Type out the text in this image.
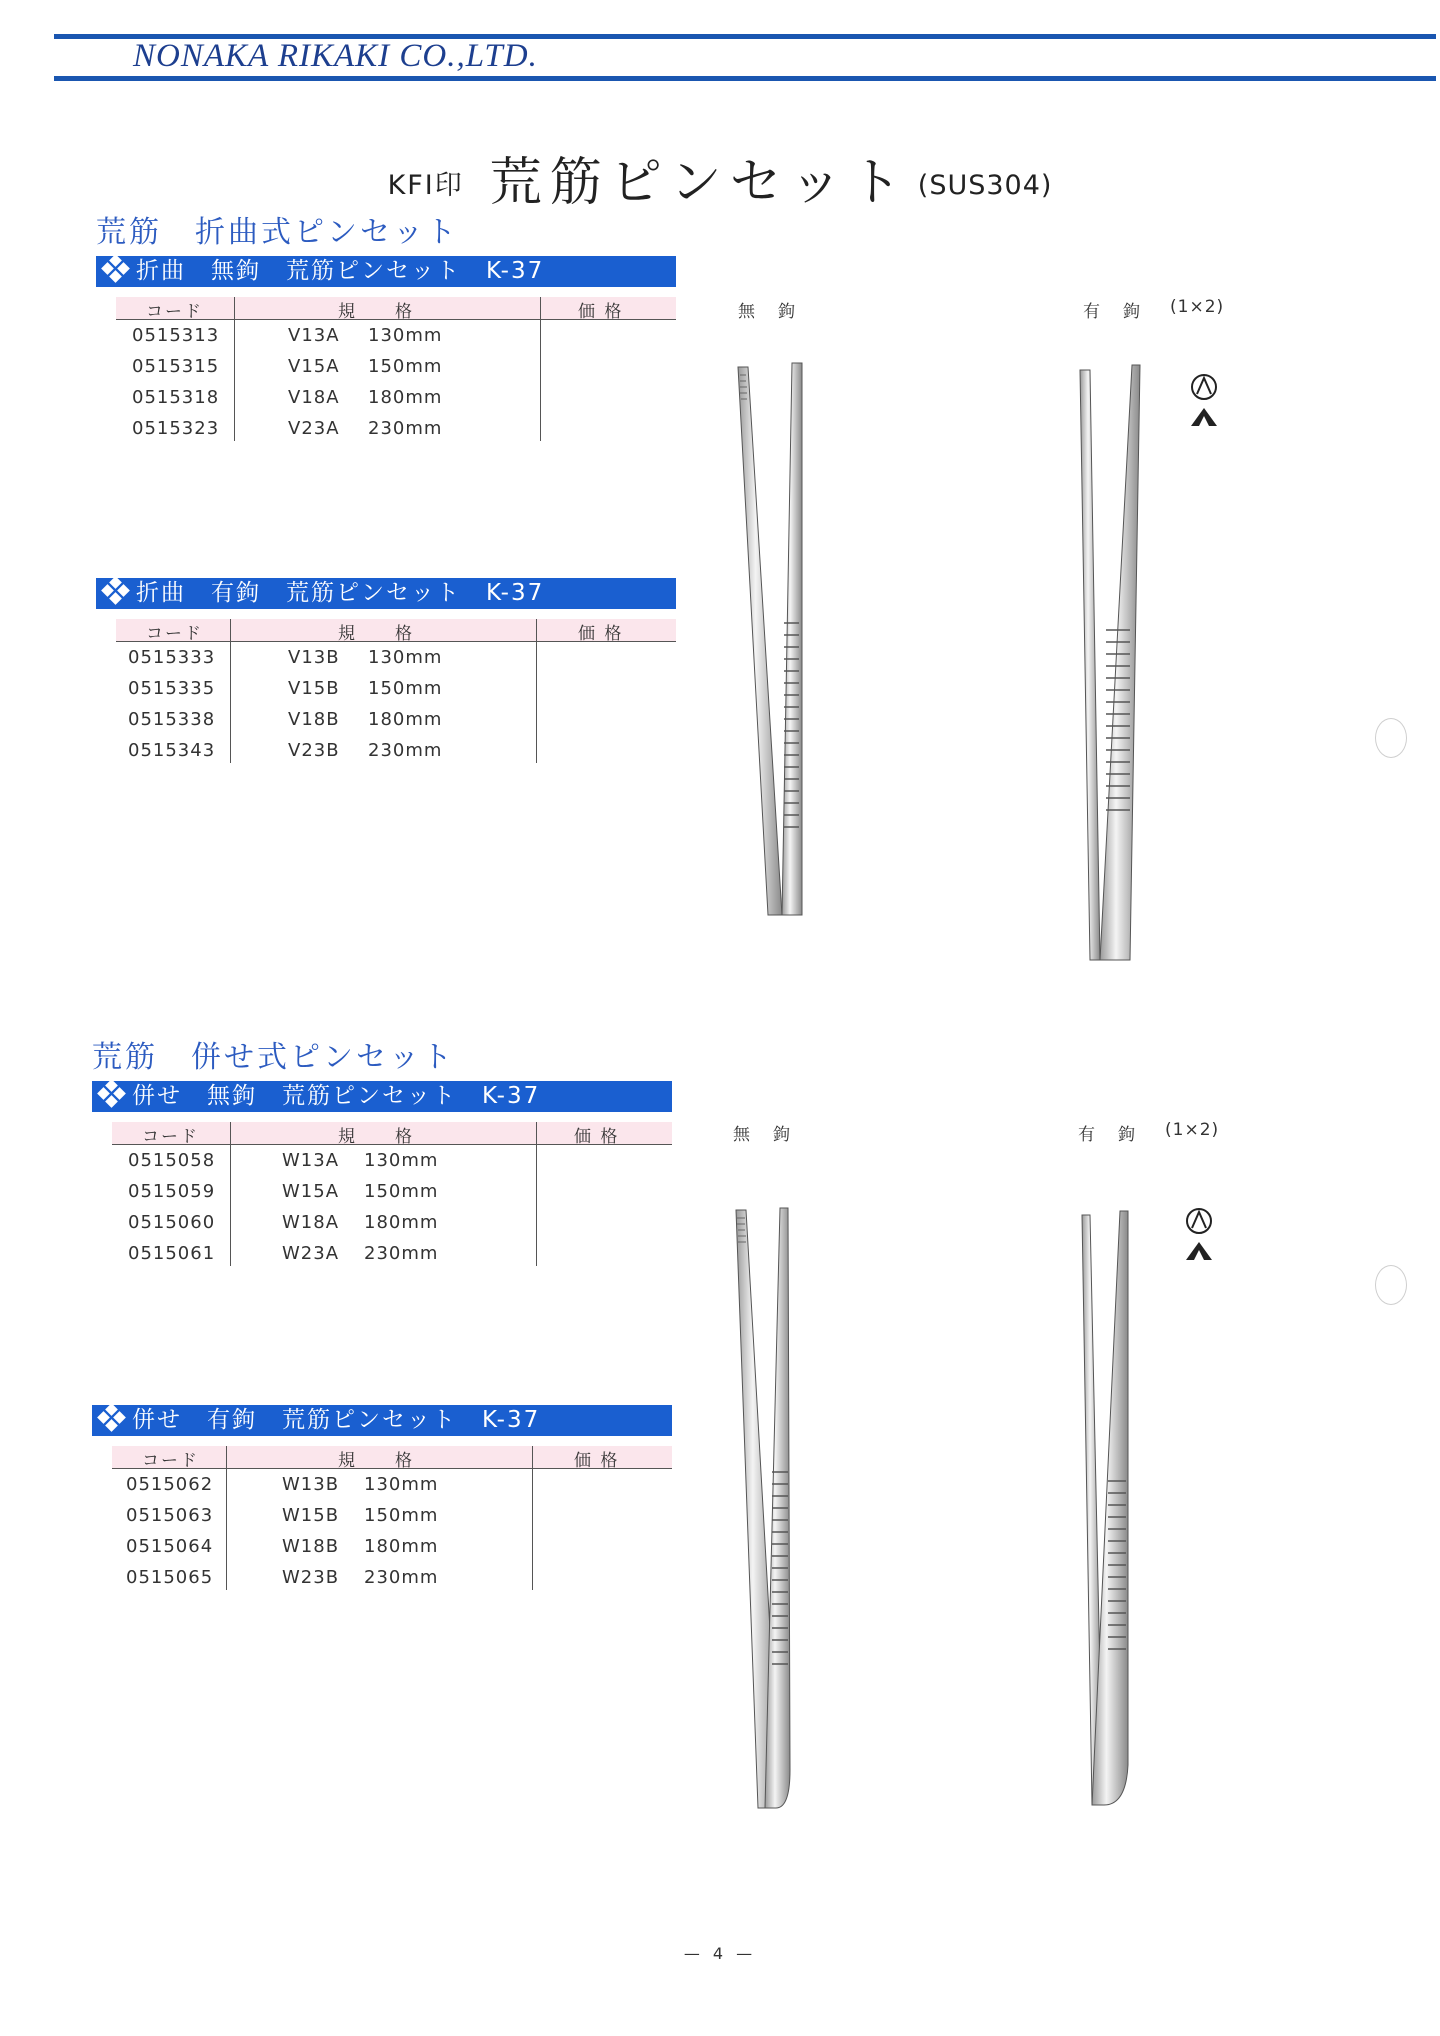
NONAKA RIKAKI CO.,LTD.
KFI印 荒筋ピンセット (SUS304)
荒筋　折曲式ピンセット
折曲　無鉤　荒筋ピンセット　K-37
コード	規　　格	価 格
0515313	V13A 130mm
0515315	V15A 150mm
0515318	V18A 180mm
0515323	V23A 230mm
折曲　有鉤　荒筋ピンセット　K-37
コード	規　　格	価 格
0515333	V13B 130mm
0515335	V15B 150mm
0515338	V18B 180mm
0515343	V23B 230mm
無　鉤	有　鉤 (1×2)
荒筋　併せ式ピンセット
併せ　無鉤　荒筋ピンセット　K-37
コード	規　　格	価 格
0515058	W13A 130mm
0515059	W15A 150mm
0515060	W18A 180mm
0515061	W23A 230mm
併せ　有鉤　荒筋ピンセット　K-37
コード	規　　格	価 格
0515062	W13B 130mm
0515063	W15B 150mm
0515064	W18B 180mm
0515065	W23B 230mm
無　鉤	有　鉤 (1×2)
— 4 —
